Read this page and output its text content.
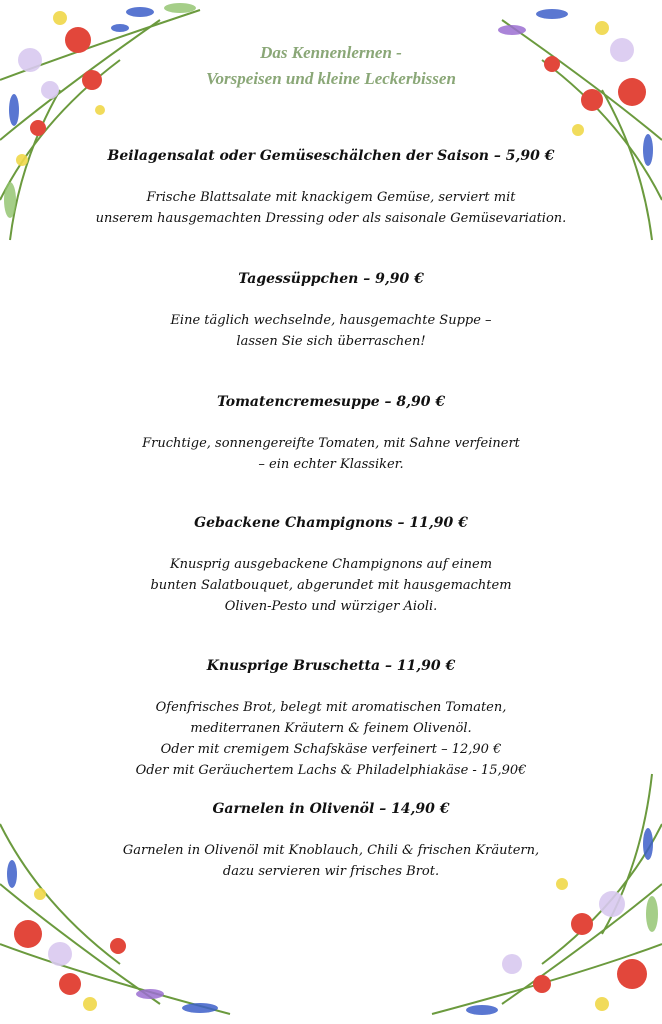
Das Kennenlernen -
Vorspeisen und kleine Leckerbissen
Beilagensalat oder Gemüseschälchen der Saison – 5,90 €
Frische Blattsalate mit knackigem Gemüse, serviert mit
unserem hausgemachten Dressing oder als saisonale Gemüsevariation.
Tagessüppchen – 9,90 €
Eine täglich wechselnde, hausgemachte Suppe –
lassen Sie sich überraschen!
Tomatencremesuppe – 8,90 €
Fruchtige, sonnengereifte Tomaten, mit Sahne verfeinert
– ein echter Klassiker.
Gebackene Champignons – 11,90 €
Knusprig ausgebackene Champignons auf einem
bunten Salatbouquet, abgerundet mit hausgemachtem
Oliven-Pesto und würziger Aioli.
Knusprige Bruschetta – 11,90 €
Ofenfrisches Brot, belegt mit aromatischen Tomaten,
mediterranen Kräutern & feinem Olivenöl.
Oder mit cremigem Schafskäse verfeinert – 12,90 €
Oder mit Geräuchertem Lachs & Philadelphiakäse - 15,90€
Garnelen in Olivenöl – 14,90 €
Garnelen in Olivenöl mit Knoblauch, Chili & frischen Kräutern,
dazu servieren wir frisches Brot.
